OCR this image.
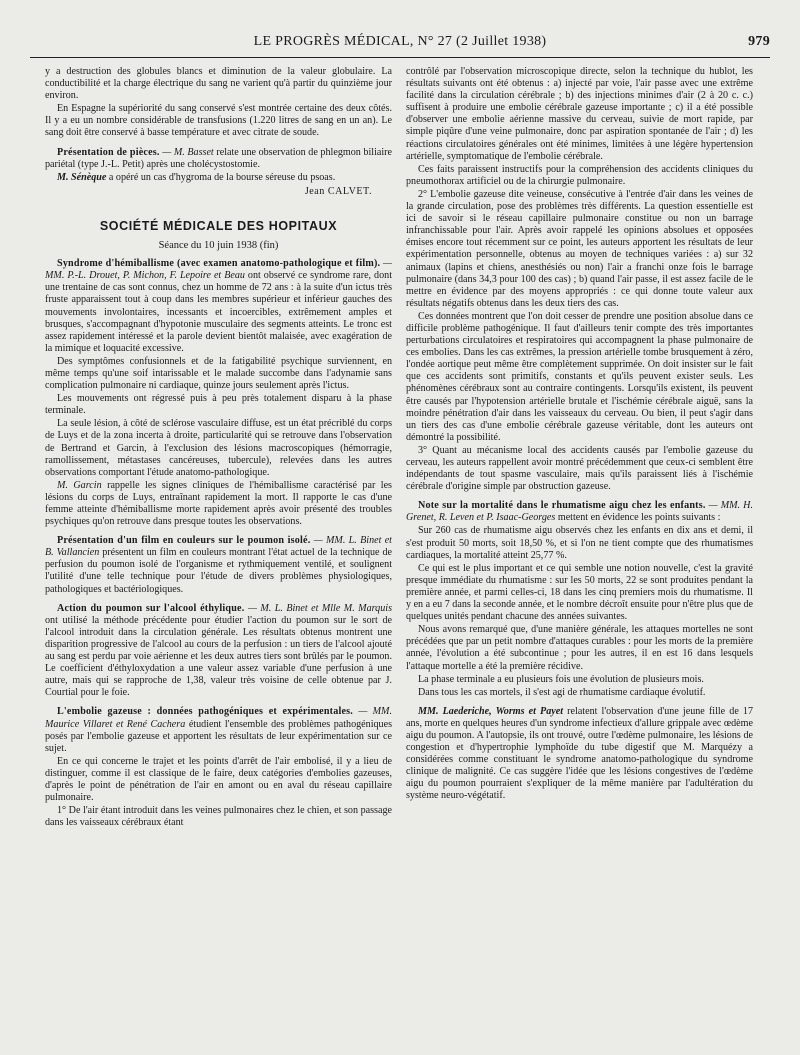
LE PROGRÈS MÉDICAL, N° 27 (2 Juillet 1938)	979

y a destruction des globules blancs et diminution de la valeur globulaire. La conductibilité et la charge électrique du sang ne varient qu'à partir du quinzième jour environ.

En Espagne la supériorité du sang conservé s'est montrée certaine des deux côtés. Il y a eu un nombre considérable de transfusions (1.220 litres de sang en un an). Le sang doit être conservé à basse température et avec citrate de soude.

Présentation de pièces. — M. Basset relate une observation de phlegmon biliaire pariétal (type J.-L. Petit) après une cholécystostomie.

M. Sénèque a opéré un cas d'hygroma de la bourse séreuse du psoas.

Jean CALVET.

SOCIÉTÉ MÉDICALE DES HOPITAUX

Séance du 10 juin 1938 (fin)

Syndrome d'hémiballisme (avec examen anatomo-pathologique et film). — MM. P.-L. Drouet, P. Michon, F. Lepoire et Beau ont observé ce syndrome rare, dont une trentaine de cas sont connus, chez un homme de 72 ans : à la suite d'un ictus très fruste apparaissent tout à coup dans les membres supérieur et inférieur gauches des mouvements involontaires, incessants et incoercibles, extrêmement amples et brusques, s'accompagnant d'hypotonie musculaire des segments atteints. Le tronc est assez rapidement intéressé et la parole devient bientôt malaisée, avec exagération de la mimique et loquacité excessive.

Des symptômes confusionnels et de la fatigabilité psychique surviennent, en même temps qu'une soif intarissable et le malade succombe dans l'adynamie sans complication pulmonaire ni cardiaque, quinze jours seulement après l'ictus.

Les mouvements ont régressé puis à peu près totalement disparu à la phase terminale.

La seule lésion, à côté de sclérose vasculaire diffuse, est un état précriblé du corps de Luys et de la zona incerta à droite, particularité qui se retrouve dans l'observation de Bertrand et Garcin, à l'exclusion des lésions macroscopiques (hémorragie, ramollissement, métastases cancéreuses, tubercule), relevées dans les autres observations comportant l'étude anatomo-pathologique.

M. Garcin rappelle les signes cliniques de l'hémiballisme caractérisé par les lésions du corps de Luys, entraînant rapidement la mort. Il rapporte le cas d'une femme atteinte d'hémiballisme morte rapidement après avoir présenté des troubles psychiques qu'on retrouve dans presque toutes les observations.

Présentation d'un film en couleurs sur le poumon isolé. — MM. L. Binet et B. Vallancien présentent un film en couleurs montrant l'état actuel de la technique de perfusion du poumon isolé de l'organisme et rythmiquement ventilé, et soulignent l'utilité d'une telle technique pour l'étude de divers problèmes physiologiques, pathologiques et bactériologiques.

Action du poumon sur l'alcool éthylique. — M. L. Binet et Mlle M. Marquis ont utilisé la méthode précédente pour étudier l'action du poumon sur le sort de l'alcool introduit dans la circulation générale. Les résultats obtenus montrent une disparition progressive de l'alcool au cours de la perfusion : un tiers de l'alcool ajouté au sang est perdu par voie aérienne et les deux autres tiers sont brûlés par le poumon. Le coefficient d'éthyloxydation a une valeur assez variable d'une perfusion à une autre, mais qui se rapproche de 1,38, valeur très voisine de celle obtenue par J. Courtial pour le foie.

L'embolie gazeuse : données pathogéniques et expérimentales. — MM. Maurice Villaret et René Cachera étudient l'ensemble des problèmes pathogéniques posés par l'embolie gazeuse et apportent les résultats de leur expérimentation sur ce sujet.

En ce qui concerne le trajet et les points d'arrêt de l'air embolisé, il y a lieu de distinguer, comme il est classique de le faire, deux catégories d'embolies gazeuses, d'après le point de pénétration de l'air en amont ou en aval du réseau capillaire pulmonaire.

1° De l'air étant introduit dans les veines pulmonaires chez le chien, et son passage dans les vaisseaux cérébraux étant

contrôlé par l'observation microscopique directe, selon la technique du hublot, les résultats suivants ont été obtenus : a) injecté par voie, l'air passe avec une extrême facilité dans la circulation cérébrale ; b) des injections minimes d'air (2 à 20 c. c.) suffisent à produire une embolie cérébrale gazeuse importante ; c) il a été possible d'observer une embolie aérienne massive du cerveau, suivie de mort rapide, par simple piqûre d'une veine pulmonaire, donc par aspiration spontanée de l'air ; d) les réactions circulatoires générales ont été minimes, limitées à une légère hypertension artérielle, symptomatique de l'embolie cérébrale.

Ces faits paraissent instructifs pour la compréhension des accidents cliniques du pneumothorax artificiel ou de la chirurgie pulmonaire.

2° L'embolie gazeuse dite veineuse, consécutive à l'entrée d'air dans les veines de la grande circulation, pose des problèmes très différents. La question essentielle est ici de savoir si le réseau capillaire pulmonaire constitue ou non un barrage infranchissable pour l'air. Après avoir rappelé les opinions absolues et opposées émises encore tout récemment sur ce point, les auteurs apportent les résultats de leur expérimentation personnelle, obtenus au moyen de techniques variées : a) sur 32 animaux (lapins et chiens, anesthésiés ou non) l'air a franchi onze fois le barrage pulmonaire (dans 34,3 pour 100 des cas) ; b) quand l'air passe, il est assez facile de le mettre en évidence par des moyens appropriés : ce qui donne toute valeur aux résultats négatifs obtenus dans les deux tiers des cas.

Ces données montrent que l'on doit cesser de prendre une position absolue dans ce difficile problème pathogénique. Il faut d'ailleurs tenir compte des très importantes perturbations circulatoires et respiratoires qui accompagnent la phase pulmonaire de ces embolies. Dans les cas extrêmes, la pression artérielle tombe brusquement à zéro, l'ondée aortique peut même être complètement supprimée. On doit insister sur le fait que ces accidents sont primitifs, constants et qu'ils peuvent exister seuls. Les phénomènes cérébraux sont au contraire contingents. Lorsqu'ils existent, ils peuvent être causés par l'hypotension artérielle brutale et l'ischémie cérébrale aiguë, sans la moindre pénétration d'air dans les vaisseaux du cerveau. Ou bien, il peut s'agir dans un tiers des cas d'une embolie cérébrale gazeuse véritable, dont les auteurs ont démontré la possibilité.

3° Quant au mécanisme local des accidents causés par l'embolie gazeuse du cerveau, les auteurs rappellent avoir montré précédemment que ceux-ci semblent être indépendants de tout spasme vasculaire, mais qu'ils paraissent liés à l'ischémie cérébrale d'origine simple par obstruction gazeuse.

Note sur la mortalité dans le rhumatisme aigu chez les enfants. — MM. H. Grenet, R. Leven et P. Isaac-Georges mettent en évidence les points suivants :

Sur 260 cas de rhumatisme aigu observés chez les enfants en dix ans et demi, il s'est produit 50 morts, soit 18,50 %, et si l'on ne tient compte que des rhumatismes cardiaques, la mortalité atteint 25,77 %.

Ce qui est le plus important et ce qui semble une notion nouvelle, c'est la gravité presque immédiate du rhumatisme : sur les 50 morts, 22 se sont produites pendant la première année, et parmi celles-ci, 18 dans les cinq premiers mois du rhumatisme. Il y en a eu 7 dans la seconde année, et le nombre décroît ensuite pour n'être plus que de quelques unités pendant chacune des années suivantes.

Nous avons remarqué que, d'une manière générale, les attaques mortelles ne sont précédées que par un petit nombre d'attaques curables : pour les morts de la première année, l'évolution a été subcontinue ; pour les autres, il en est 16 dans lesquels l'attaque mortelle a été la première récidive.

La phase terminale a eu plusieurs fois une évolution de plusieurs mois.

Dans tous les cas mortels, il s'est agi de rhumatisme cardiaque évolutif.

MM. Laederiche, Worms et Payet relatent l'observation d'une jeune fille de 17 ans, morte en quelques heures d'un syndrome infectieux d'allure grippale avec œdème aigu du poumon. A l'autopsie, ils ont trouvé, outre l'œdème pulmonaire, les lésions de congestion et d'hypertrophie lymphoïde du tube digestif que M. Marquézy a considérées comme constituant le syndrome anatomo-pathologique du syndrome clinique de malignité. Ce cas suggère l'idée que les lésions congestives de l'œdème aigu du poumon pourraient s'expliquer de la même manière par l'adultération du système neuro-végétatif.
